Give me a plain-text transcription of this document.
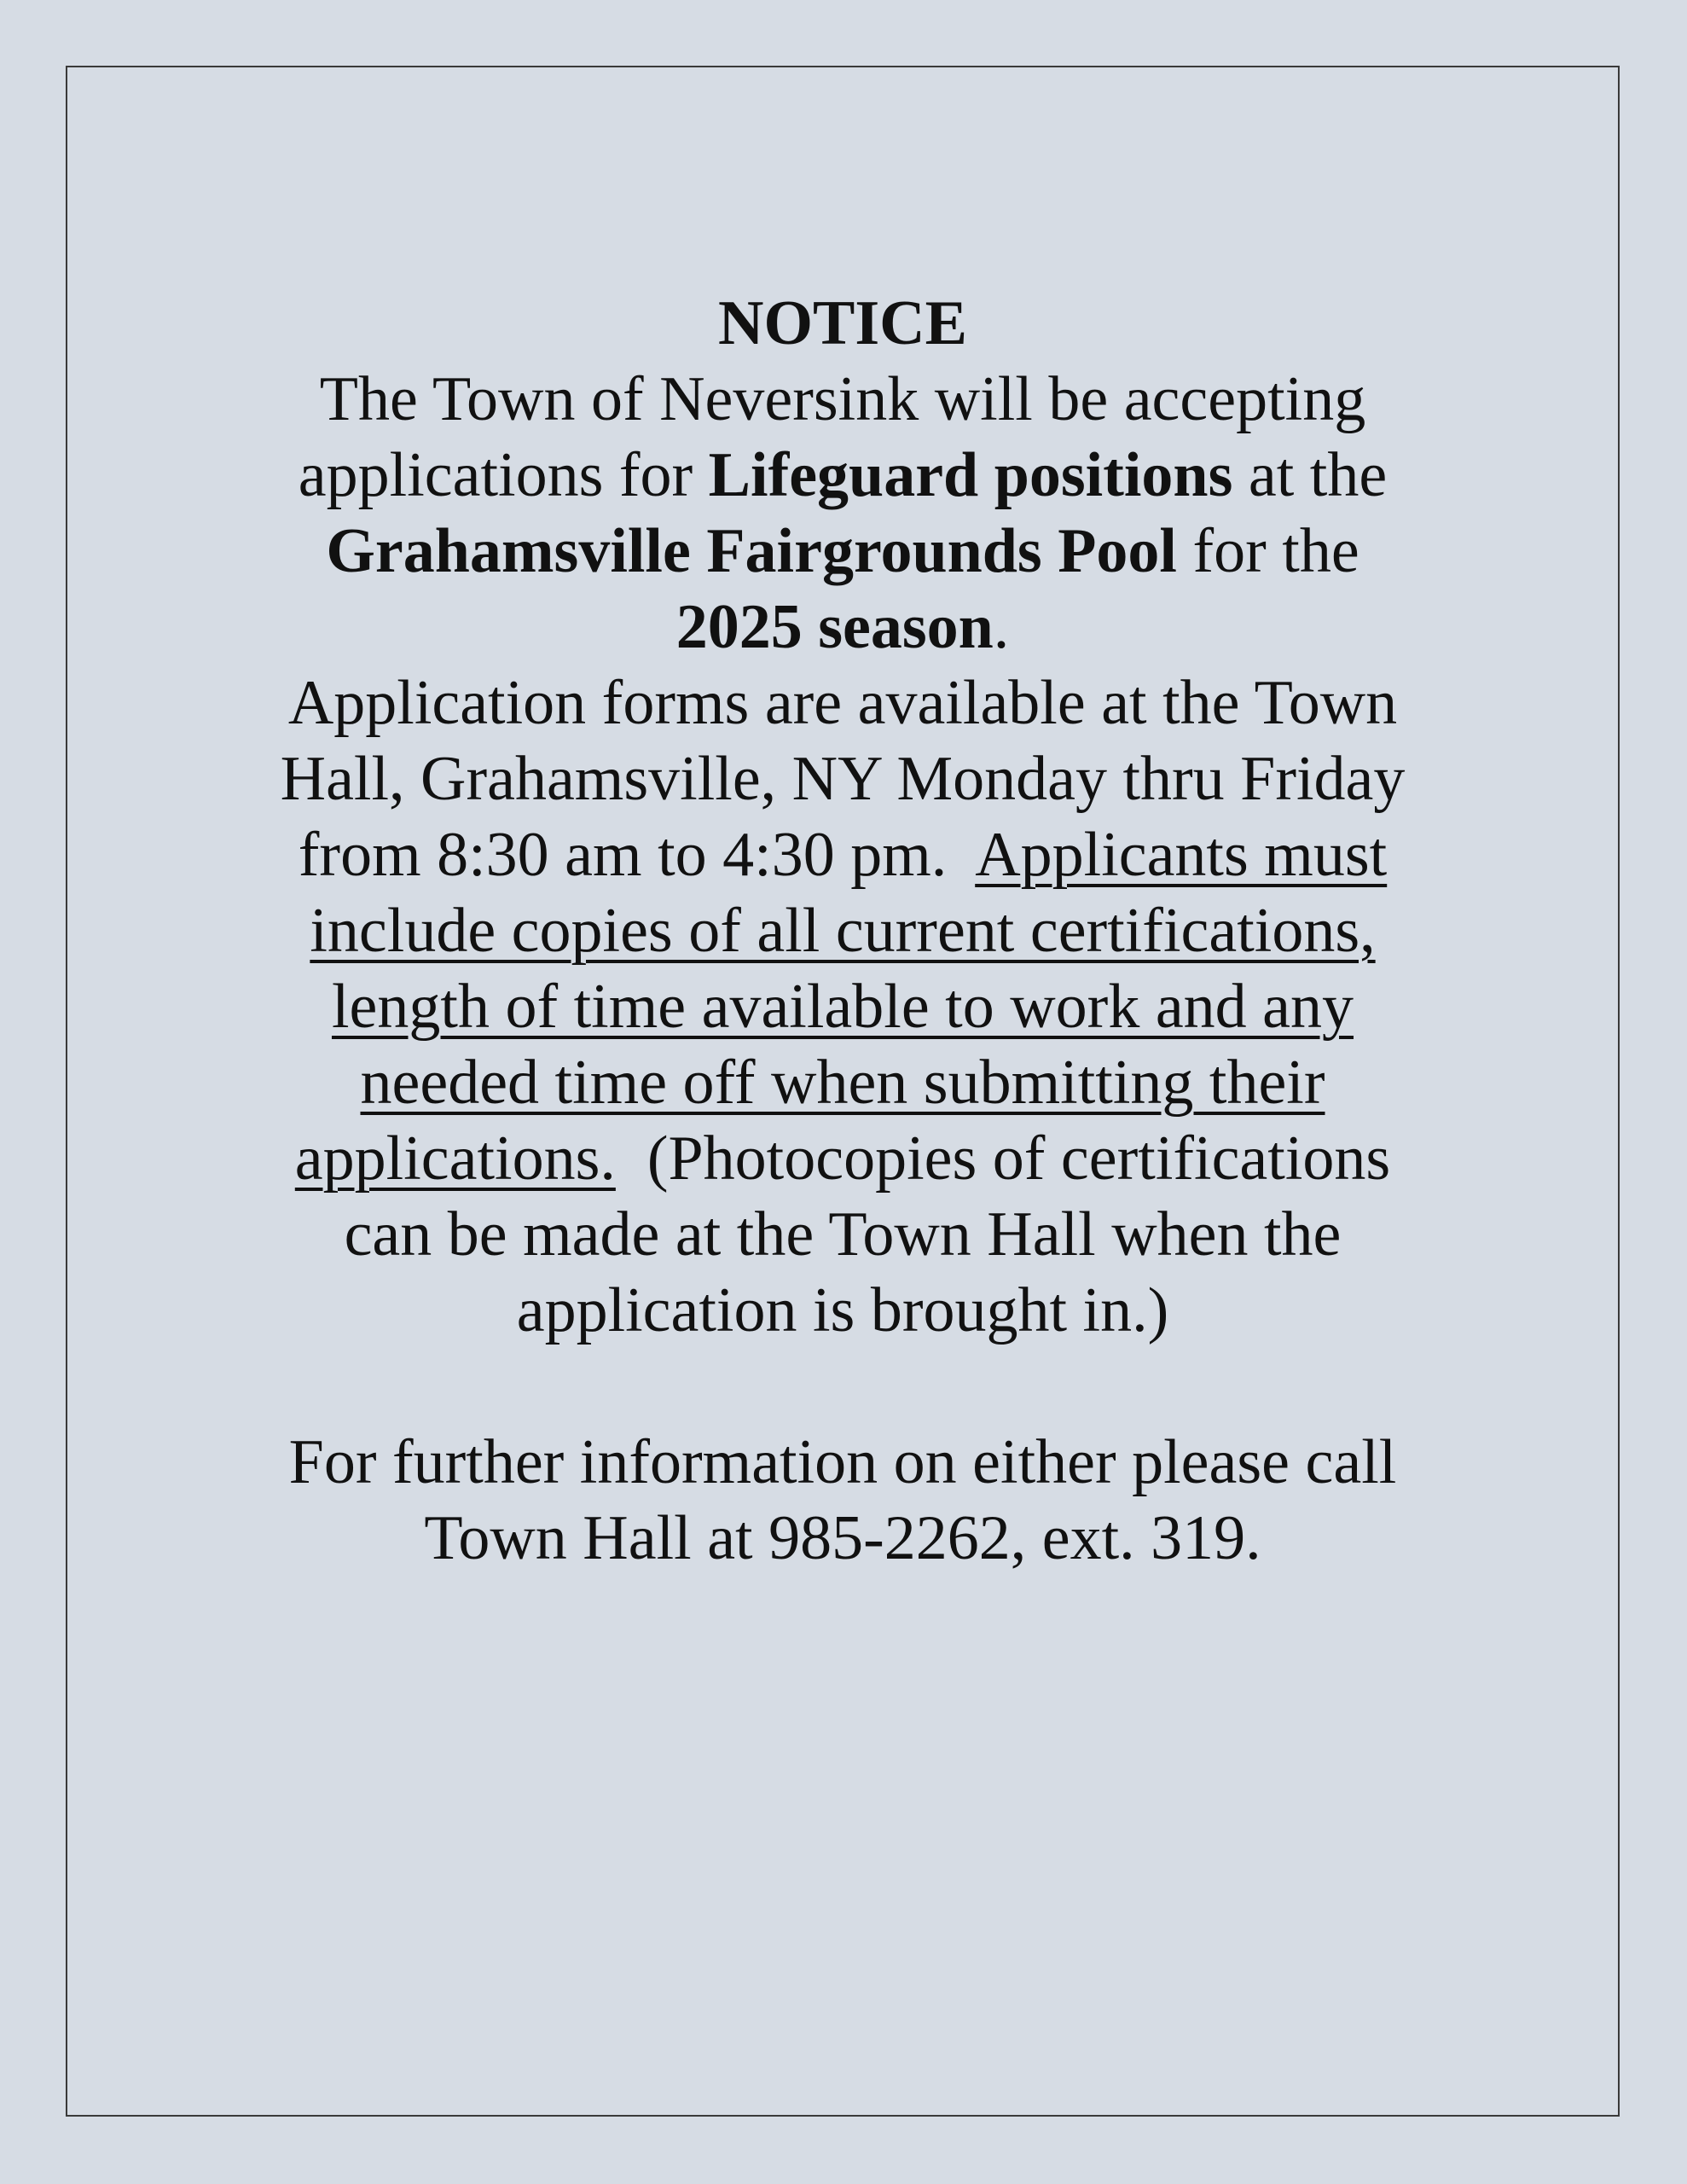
NOTICE

The Town of Neversink will be accepting

applications for Lifeguard positions at the

Grahamsville Fairgrounds Pool for the

2025 season.

Application forms are available at the Town

Hall, Grahamsville, NY Monday thru Friday

from 8:30 am to 4:30 pm.  Applicants must

include copies of all current certifications,

length of time available to work and any

needed time off when submitting their

applications.  (Photocopies of certifications

can be made at the Town Hall when the

application is brought in.)

For further information on either please call

Town Hall at 985-2262, ext. 319.
